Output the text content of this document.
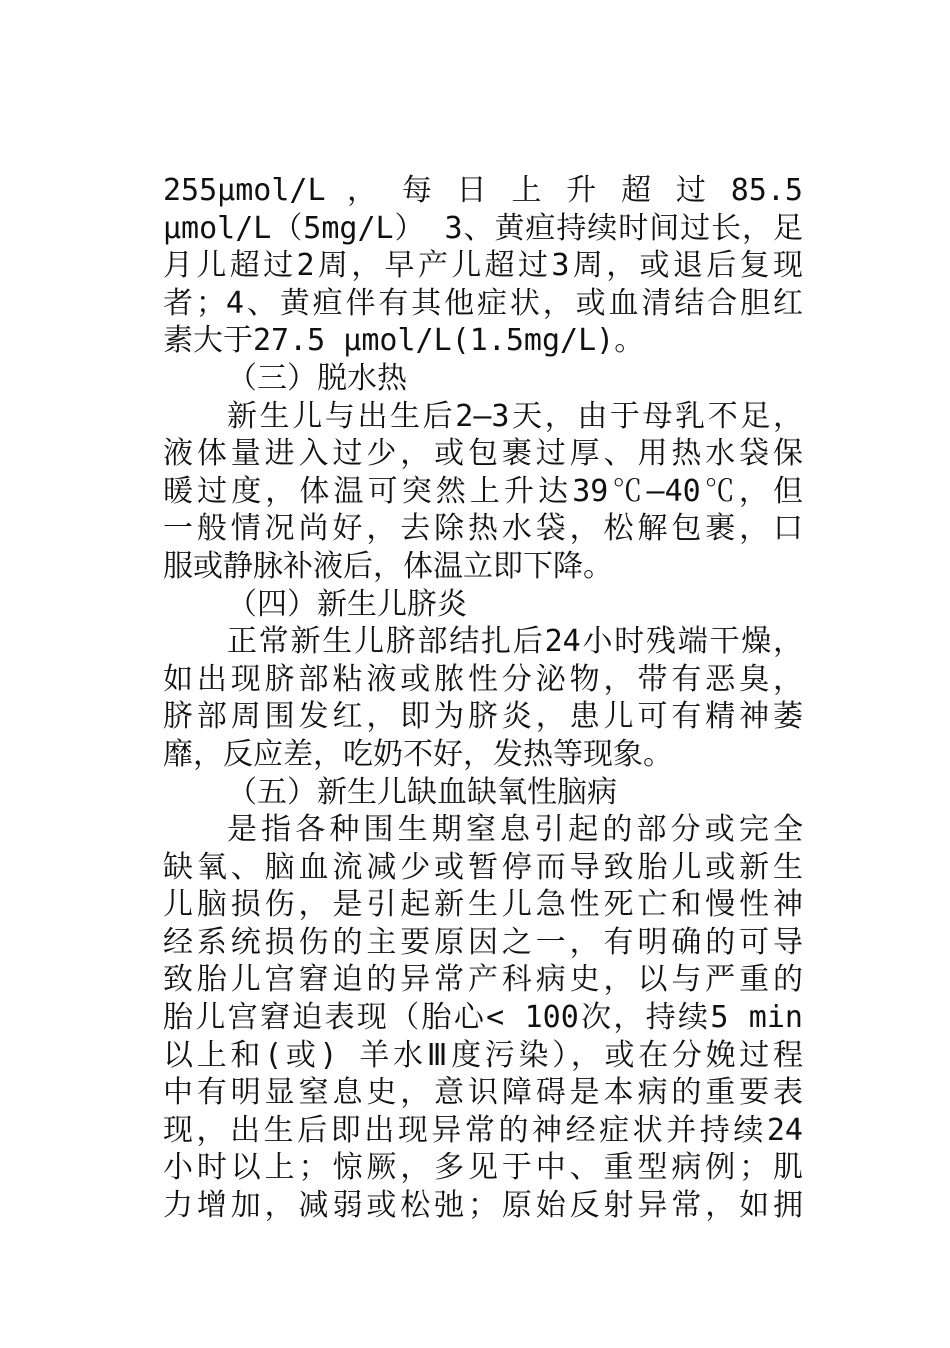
255μmol/L ， 每 日 上 升 超 过 85.5
μmol/L（5mg/L） 3、黄疸持续时间过长，足
月儿超过2周，早产儿超过3周，或退后复现
者；4、黄疸伴有其他症状，或血清结合胆红
素大于27.5 μmol/L(1.5mg/L)。
（三）脱水热
新生儿与出生后2—3天，由于母乳不足，
液体量进入过少，或包裹过厚、用热水袋保
暖过度，体温可突然上升达39℃—40℃，但
一般情况尚好，去除热水袋，松解包裹，口
服或静脉补液后，体温立即下降。
（四）新生儿脐炎
正常新生儿脐部结扎后24小时残端干燥，
如出现脐部粘液或脓性分泌物，带有恶臭，
脐部周围发红，即为脐炎，患儿可有精神萎
靡，反应差，吃奶不好，发热等现象。
（五）新生儿缺血缺氧性脑病
是指各种围生期窒息引起的部分或完全
缺氧、脑血流减少或暂停而导致胎儿或新生
儿脑损伤，是引起新生儿急性死亡和慢性神
经系统损伤的主要原因之一，有明确的可导
致胎儿宫窘迫的异常产科病史，以与严重的
胎儿宫窘迫表现（胎心< 100次，持续5 min
以上和(或) 羊水Ⅲ度污染），或在分娩过程
中有明显窒息史，意识障碍是本病的重要表
现，出生后即出现异常的神经症状并持续24
小时以上；惊厥，多见于中、重型病例；肌
力增加，减弱或松弛；原始反射异常，如拥
